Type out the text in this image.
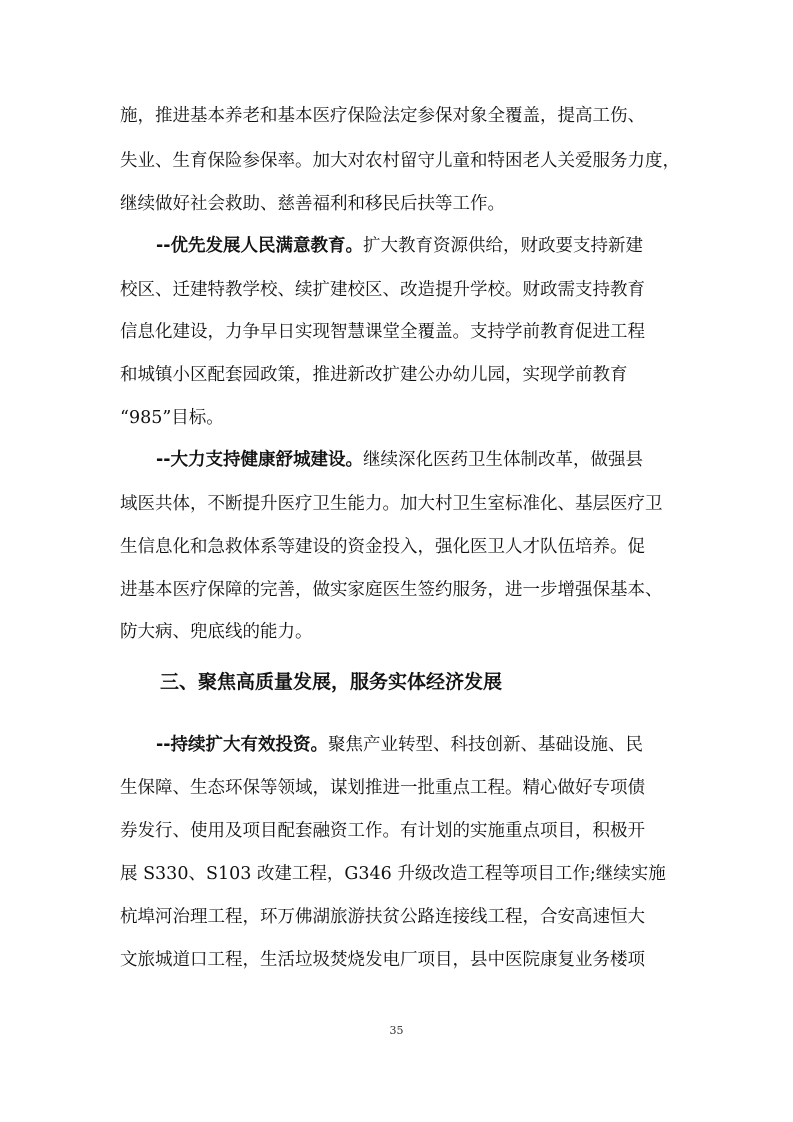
施，推进基本养老和基本医疗保险法定参保对象全覆盖，提高工伤、
失业、生育保险参保率。加大对农村留守儿童和特困老人关爱服务力度，
继续做好社会救助、慈善福利和移民后扶等工作。
--优先发展人民满意教育。扩大教育资源供给，财政要支持新建
校区、迁建特教学校、续扩建校区、改造提升学校。财政需支持教育
信息化建设，力争早日实现智慧课堂全覆盖。支持学前教育促进工程
和城镇小区配套园政策，推进新改扩建公办幼儿园，实现学前教育
“985”目标。
--大力支持健康舒城建设。继续深化医药卫生体制改革，做强县
域医共体，不断提升医疗卫生能力。加大村卫生室标准化、基层医疗卫
生信息化和急救体系等建设的资金投入，强化医卫人才队伍培养。促
进基本医疗保障的完善，做实家庭医生签约服务，进一步增强保基本、
防大病、兜底线的能力。
三、聚焦高质量发展，服务实体经济发展
--持续扩大有效投资。聚焦产业转型、科技创新、基础设施、民
生保障、生态环保等领域，谋划推进一批重点工程。精心做好专项债
券发行、使用及项目配套融资工作。有计划的实施重点项目，积极开
展 S330、S103 改建工程，G346 升级改造工程等项目工作;继续实施
杭埠河治理工程，环万佛湖旅游扶贫公路连接线工程，合安高速恒大
文旅城道口工程，生活垃圾焚烧发电厂项目，县中医院康复业务楼项
35
